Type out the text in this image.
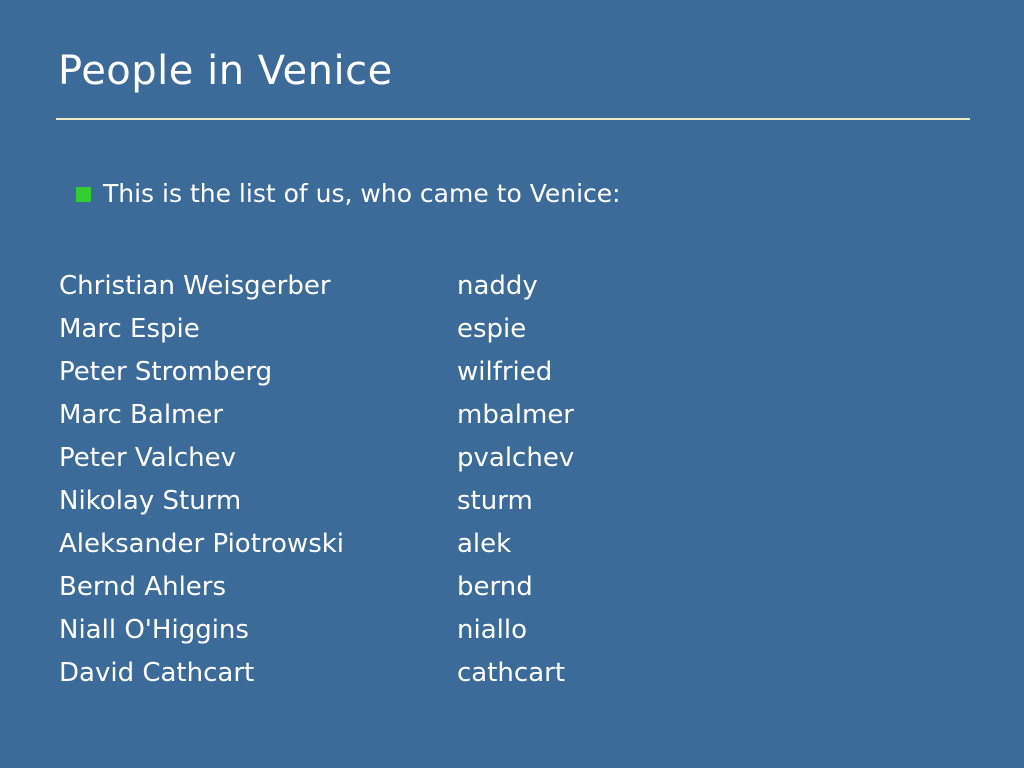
People in Venice
This is the list of us, who came to Venice:
Christian Weisgerber	naddy
Marc Espie	espie
Peter Stromberg	wilfried
Marc Balmer	mbalmer
Peter Valchev	pvalchev
Nikolay Sturm	sturm
Aleksander Piotrowski	alek
Bernd Ahlers	bernd
Niall O'Higgins	niallo
David Cathcart	cathcart
